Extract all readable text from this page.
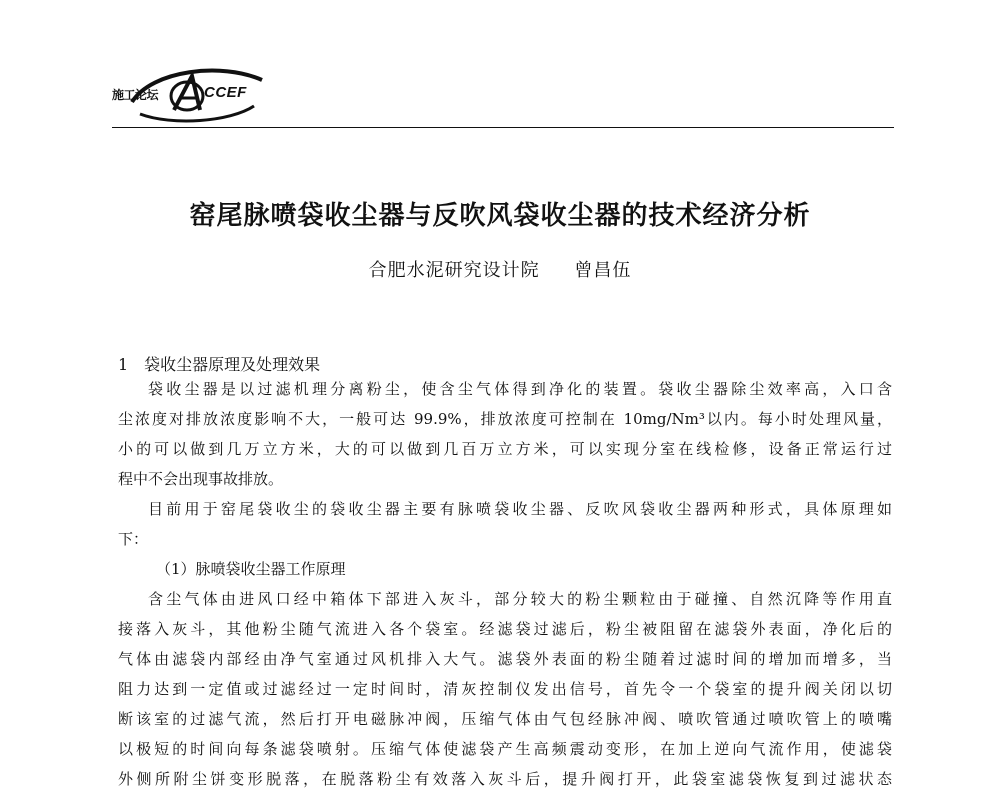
施工论坛	CCEF
窑尾脉喷袋收尘器与反吹风袋收尘器的技术经济分析
合肥水泥研究设计院 曾昌伍
1　袋收尘器原理及处理效果
袋收尘器是以过滤机理分离粉尘，使含尘气体得到净化的装置。袋收尘器除尘效率高，入口含
尘浓度对排放浓度影响不大，一般可达 99.9%，排放浓度可控制在 10mg/Nm³以内。每小时处理风量，
小的可以做到几万立方米，大的可以做到几百万立方米，可以实现分室在线检修，设备正常运行过
程中不会出现事故排放。
目前用于窑尾袋收尘的袋收尘器主要有脉喷袋收尘器、反吹风袋收尘器两种形式，具体原理如
下：
（1）脉喷袋收尘器工作原理
含尘气体由进风口经中箱体下部进入灰斗，部分较大的粉尘颗粒由于碰撞、自然沉降等作用直
接落入灰斗，其他粉尘随气流进入各个袋室。经滤袋过滤后，粉尘被阻留在滤袋外表面，净化后的
气体由滤袋内部经由净气室通过风机排入大气。滤袋外表面的粉尘随着过滤时间的增加而增多，当
阻力达到一定值或过滤经过一定时间时，清灰控制仪发出信号，首先令一个袋室的提升阀关闭以切
断该室的过滤气流，然后打开电磁脉冲阀，压缩气体由气包经脉冲阀、喷吹管通过喷吹管上的喷嘴
以极短的时间向每条滤袋喷射。压缩气体使滤袋产生高频震动变形，在加上逆向气流作用，使滤袋
外侧所附尘饼变形脱落，在脱落粉尘有效落入灰斗后，提升阀打开，此袋室滤袋恢复到过滤状态
